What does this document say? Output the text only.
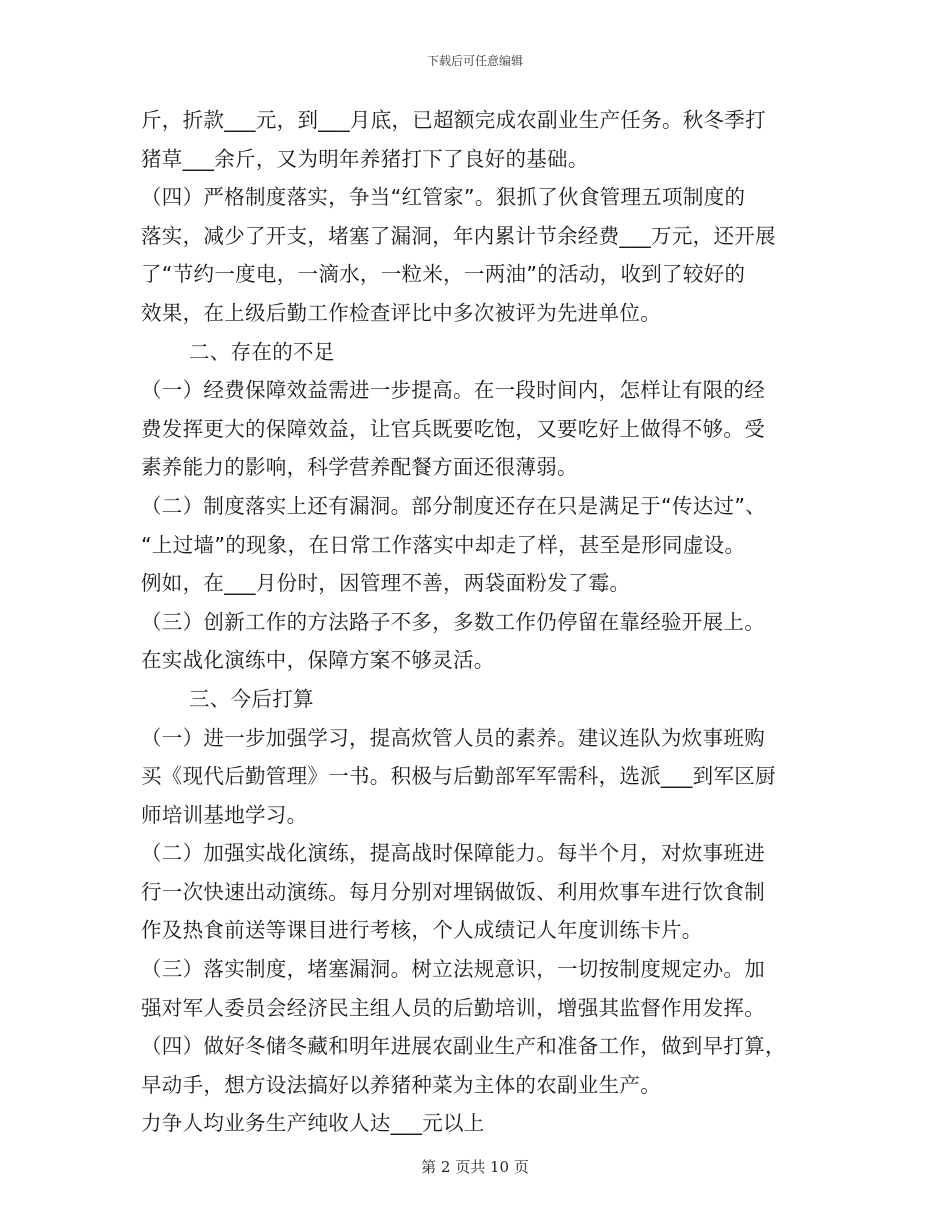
下载后可任意编辑
斤，折款___元，到___月底，已超额完成农副业生产任务。秋冬季打
猪草___余斤，又为明年养猪打下了良好的基础。
（四）严格制度落实，争当“红管家”。狠抓了伙食管理五项制度的
落实，减少了开支，堵塞了漏洞，年内累计节余经费___万元，还开展
了“节约一度电，一滴水，一粒米，一两油”的活动，收到了较好的
效果，在上级后勤工作检查评比中多次被评为先进单位。
二、存在的不足
（一）经费保障效益需进一步提高。在一段时间内，怎样让有限的经
费发挥更大的保障效益，让官兵既要吃饱，又要吃好上做得不够。受
素养能力的影响，科学营养配餐方面还很薄弱。
（二）制度落实上还有漏洞。部分制度还存在只是满足于“传达过”、
“上过墙”的现象，在日常工作落实中却走了样，甚至是形同虚设。
例如，在___月份时，因管理不善，两袋面粉发了霉。
（三）创新工作的方法路子不多，多数工作仍停留在靠经验开展上。
在实战化演练中，保障方案不够灵活。
三、今后打算
（一）进一步加强学习，提高炊管人员的素养。建议连队为炊事班购
买《现代后勤管理》一书。积极与后勤部军军需科，选派___到军区厨
师培训基地学习。
（二）加强实战化演练，提高战时保障能力。每半个月，对炊事班进
行一次快速出动演练。每月分别对埋锅做饭、利用炊事车进行饮食制
作及热食前送等课目进行考核，个人成绩记人年度训练卡片。
（三）落实制度，堵塞漏洞。树立法规意识，一切按制度规定办。加
强对军人委员会经济民主组人员的后勤培训，增强其监督作用发挥。
（四）做好冬储冬藏和明年进展农副业生产和准备工作，做到早打算，
早动手，想方设法搞好以养猪种菜为主体的农副业生产。
力争人均业务生产纯收人达___元以上
第 2 页共 10 页
